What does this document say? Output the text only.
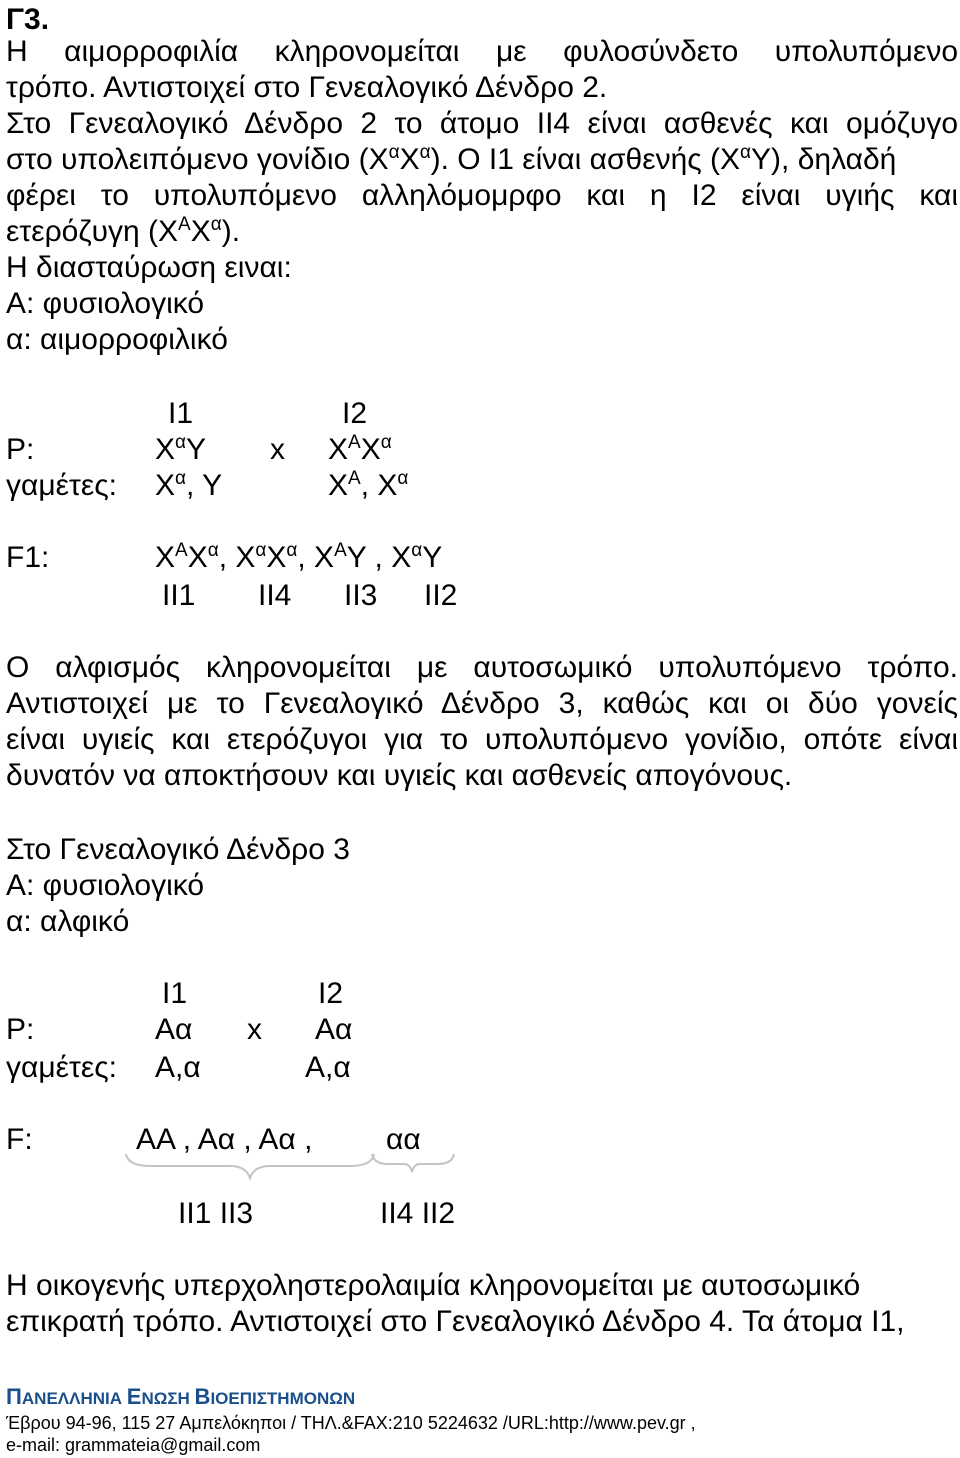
Γ3.
Η αιμορροφιλία κληρονομείται με φυλοσύνδετο υπολυπόμενο
τρόπο. Αντιστοιχεί στο Γενεαλογικό Δένδρο 2.
Στο Γενεαλογικό Δένδρο 2 το άτομο ΙΙ4 είναι ασθενές και ομόζυγο
στο υπολειπόμενο γονίδιο $(X^\alpha X^\alpha)$. Ο Ι1 είναι ασθενής $(X^\alpha\Upsilon)$, δηλαδή
φέρει το υπολυπόμενο αλληλόμομρφο και η Ι2 είναι υγιής και
ετερόζυγη $(X^AX^\alpha)$.
Η διασταύρωση ειναι:
Α: φυσιολογικό
α: αιμορροφιλικό
Ι1	Ι2
P:	$X^\alpha\Upsilon$ x $X^AX^\alpha$
γαμέτες: $X^\alpha$, Υ	$X^A$, $X^\alpha$
F1:	$X^AX^\alpha$, $X^\alpha X^\alpha$, $X^A\Upsilon$ , $X^\alpha\Upsilon$
ΙΙ1 ΙΙ4 ΙΙ3 ΙΙ2
Ο αλφισμός κληρονομείται με αυτοσωμικό υπολυπόμενο τρόπο.
Αντιστοιχεί με το Γενεαλογικό Δένδρο 3, καθώς και οι δύο γονείς
είναι υγιείς και ετερόζυγοι για το υπολυπόμενο γονίδιο, οπότε είναι
δυνατόν να αποκτήσουν και υγιείς και ασθενείς απογόνους.
Στο Γενεαλογικό Δένδρο 3
Α: φυσιολογικό
α: αλφικό
Ι1	Ι2
P:	Αα x Αα
γαμέτες: Α,α	Α,α
F:	ΑΑ , Αα , Αα , αα
ΙΙ1 ΙΙ3	ΙΙ4 ΙΙ2
Η οικογενής υπερχοληστερολαιμία κληρονομείται με αυτοσωμικό
επικρατή τρόπο. Αντιστοιχεί στο Γενεαλογικό Δένδρο 4. Τα άτομα Ι1,
ΠΑΝΕΛΛΗΝΙΑ ΕΝΩΣΗ ΒΙΟΕΠΙΣΤΗΜΟΝΩΝ
Έβρου 94-96, 115 27 Αμπελόκηποι / ΤΗΛ.&FAX:210 5224632 /URL:http://www.pev.gr ,
e-mail: grammateia@gmail.com
